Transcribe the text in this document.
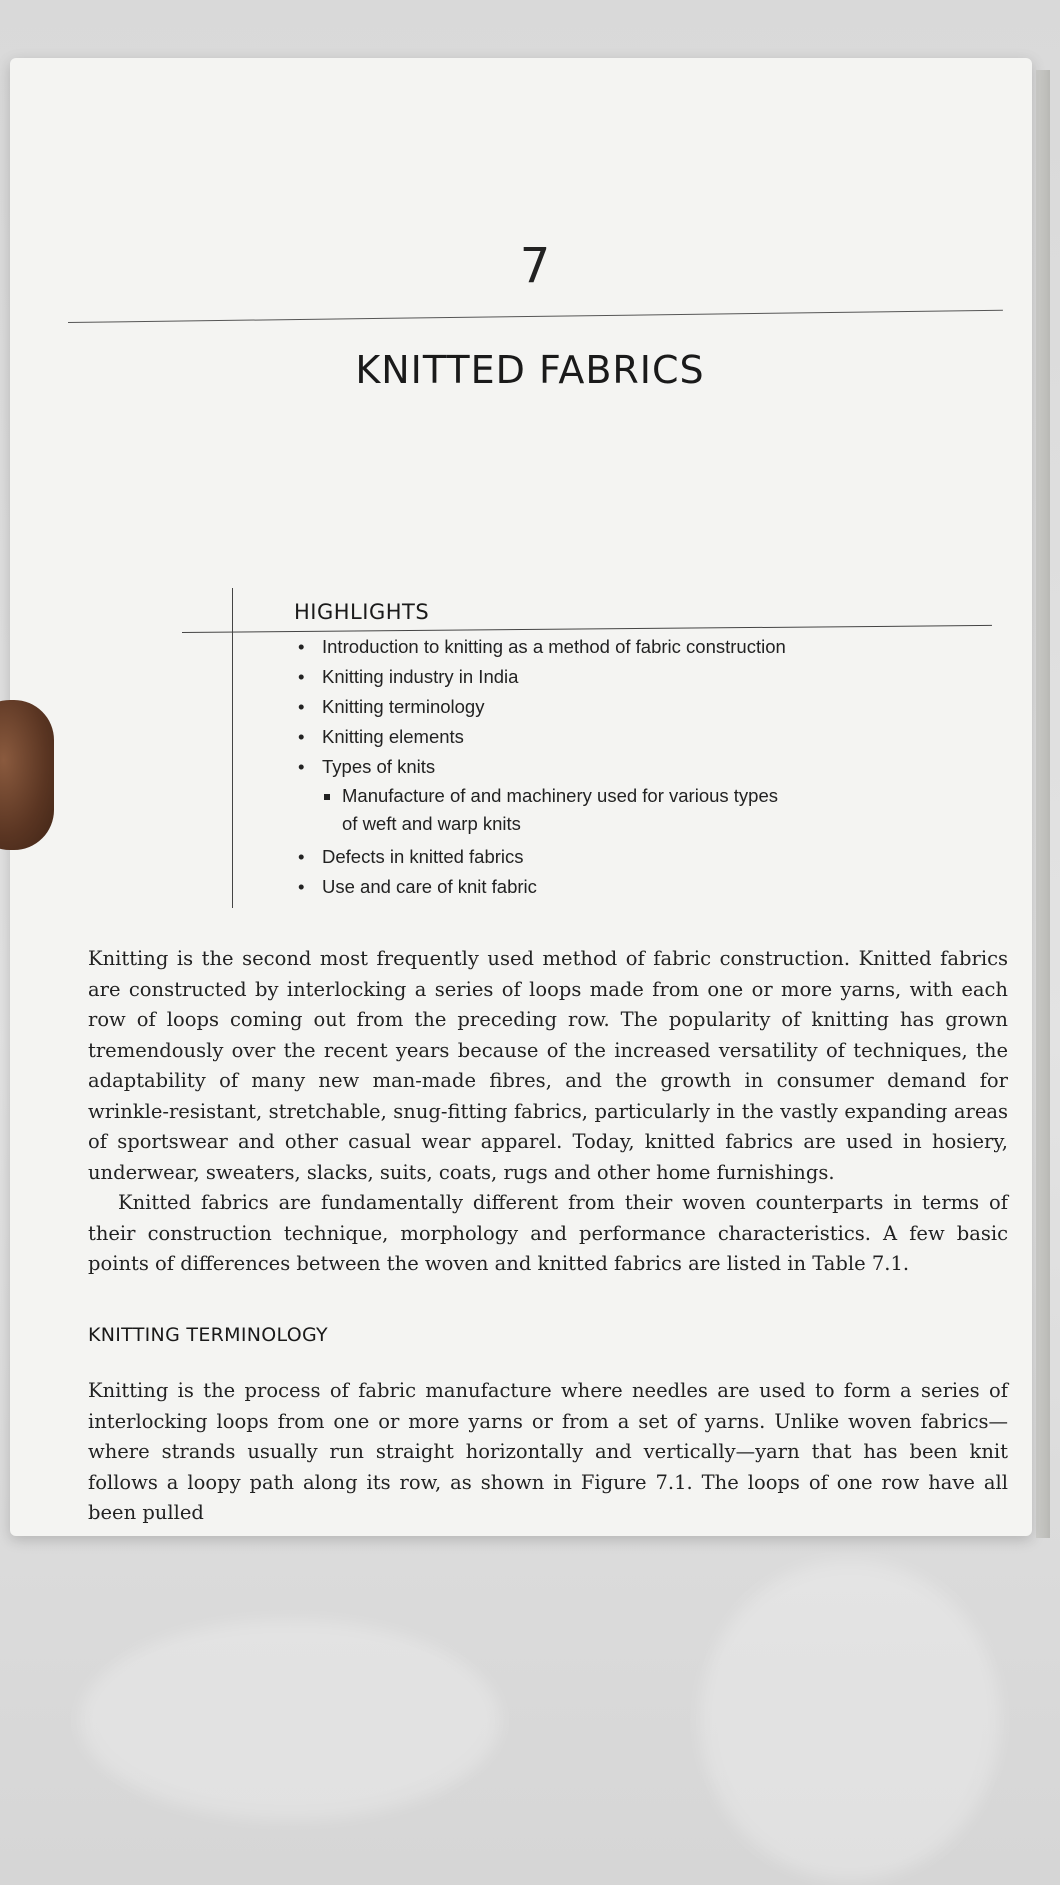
7
KNITTED FABRICS
HIGHLIGHTS
• Introduction to knitting as a method of fabric construction
• Knitting industry in India
• Knitting terminology
• Knitting elements
• Types of knits
Manufacture of and machinery used for various types
of weft and warp knits
• Defects in knitted fabrics
• Use and care of knit fabric

Knitting is the second most frequently used method of fabric construction. Knitted fabrics are constructed by interlocking a series of loops made from one or more yarns, with each row of loops coming out from the preceding row. The popularity of knitting has grown tremendously over the recent years because of the increased versatility of techniques, the adaptability of many new man-made fibres, and the growth in consumer demand for wrinkle-resistant, stretchable, snug-fitting fabrics, particularly in the vastly expanding areas of sportswear and other casual wear apparel. Today, knitted fabrics are used in hosiery, underwear, sweaters, slacks, suits, coats, rugs and other home furnishings.

Knitted fabrics are fundamentally different from their woven counterparts in terms of their construction technique, morphology and performance characteristics. A few basic points of differences between the woven and knitted fabrics are listed in Table 7.1.

KNITTING TERMINOLOGY

Knitting is the process of fabric manufacture where needles are used to form a series of interlocking loops from one or more yarns or from a set of yarns. Unlike woven fabrics—where strands usually run straight horizontally and vertically—yarn that has been knit follows a loopy path along its row, as shown in Figure 7.1. The loops of one row have all been pulled
